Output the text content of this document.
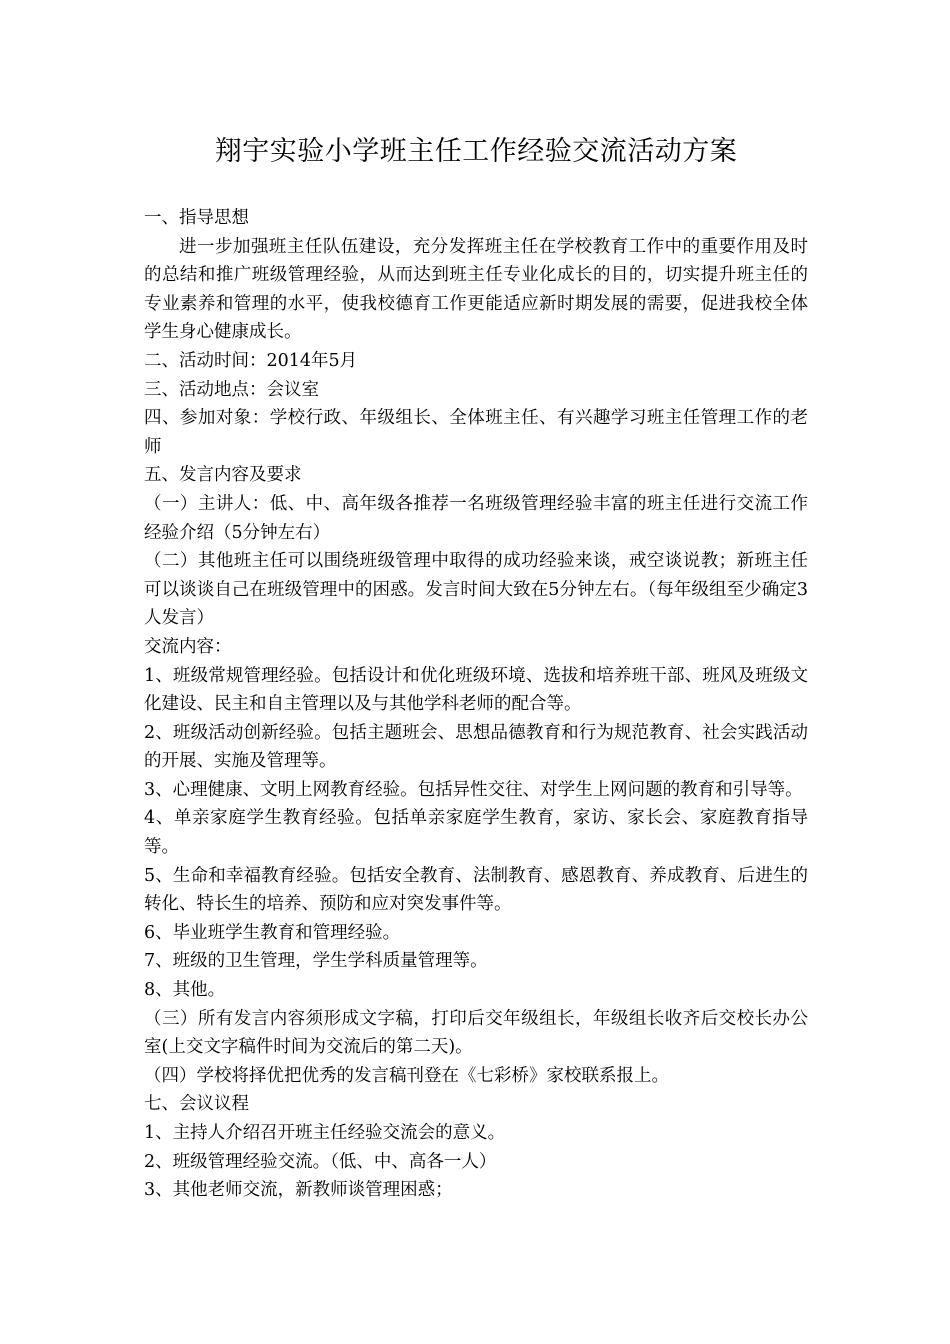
翔宇实验小学班主任工作经验交流活动方案

一、指导思想

进一步加强班主任队伍建设，充分发挥班主任在学校教育工作中的重要作用及时的总结和推广班级管理经验，从而达到班主任专业化成长的目的，切实提升班主任的专业素养和管理的水平，使我校德育工作更能适应新时期发展的需要，促进我校全体学生身心健康成长。

二、活动时间：2014年5月

三、活动地点：会议室

四、参加对象：学校行政、年级组长、全体班主任、有兴趣学习班主任管理工作的老师

五、发言内容及要求

（一）主讲人：低、中、高年级各推荐一名班级管理经验丰富的班主任进行交流工作经验介绍（5分钟左右）

（二）其他班主任可以围绕班级管理中取得的成功经验来谈，戒空谈说教；新班主任可以谈谈自己在班级管理中的困惑。发言时间大致在5分钟左右。（每年级组至少确定3人发言）

交流内容：

1、班级常规管理经验。包括设计和优化班级环境、选拔和培养班干部、班风及班级文化建设、民主和自主管理以及与其他学科老师的配合等。

2、班级活动创新经验。包括主题班会、思想品德教育和行为规范教育、社会实践活动的开展、实施及管理等。

3、心理健康、文明上网教育经验。包括异性交往、对学生上网问题的教育和引导等。

4、单亲家庭学生教育经验。包括单亲家庭学生教育，家访、家长会、家庭教育指导等。

5、生命和幸福教育经验。包括安全教育、法制教育、感恩教育、养成教育、后进生的转化、特长生的培养、预防和应对突发事件等。

6、毕业班学生教育和管理经验。

7、班级的卫生管理，学生学科质量管理等。

8、其他。

（三）所有发言内容须形成文字稿，打印后交年级组长，年级组长收齐后交校长办公室(上交文字稿件时间为交流后的第二天)。

（四）学校将择优把优秀的发言稿刊登在《七彩桥》家校联系报上。

七、会议议程

1、主持人介绍召开班主任经验交流会的意义。

2、班级管理经验交流。（低、中、高各一人）

3、其他老师交流，新教师谈管理困惑；
